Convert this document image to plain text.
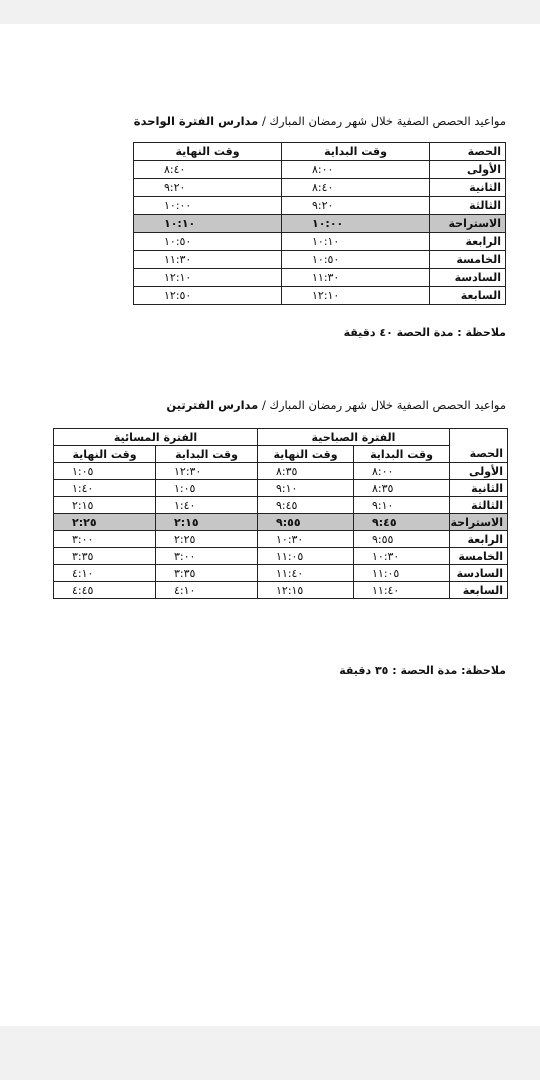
مواعيد الحصص الصفية خلال شهر رمضان المبارك / مدارس الفترة الواحدة
الحصة	وقت البداية	وقت النهاية
الأولى	٨:٠٠	٨:٤٠
الثانية	٨:٤٠	٩:٢٠
الثالثة	٩:٢٠	١٠:٠٠
الاستراحة	١٠:٠٠	١٠:١٠
الرابعة	١٠:١٠	١٠:٥٠
الخامسة	١٠:٥٠	١١:٣٠
السادسة	١١:٣٠	١٢:١٠
السابعة	١٢:١٠	١٢:٥٠
ملاحظة : مدة الحصة ٤٠ دقيقة
مواعيد الحصص الصفية خلال شهر رمضان المبارك / مدارس الفترتين
	الفترة الصباحية		الفترة المسائية	
الحصة	وقت البداية	وقت النهاية	وقت البداية	وقت النهاية
الأولى	٨:٠٠	٨:٣٥	١٢:٣٠	١:٠٥
الثانية	٨:٣٥	٩:١٠	١:٠٥	١:٤٠
الثالثة	٩:١٠	٩:٤٥	١:٤٠	٢:١٥
الاستراحة	٩:٤٥	٩:٥٥	٢:١٥	٢:٢٥
الرابعة	٩:٥٥	١٠:٣٠	٢:٢٥	٣:٠٠
الخامسة	١٠:٣٠	١١:٠٥	٣:٠٠	٣:٣٥
السادسة	١١:٠٥	١١:٤٠	٣:٣٥	٤:١٠
السابعة	١١:٤٠	١٢:١٥	٤:١٠	٤:٤٥
ملاحظة: مدة الحصة : ٣٥ دقيقة
